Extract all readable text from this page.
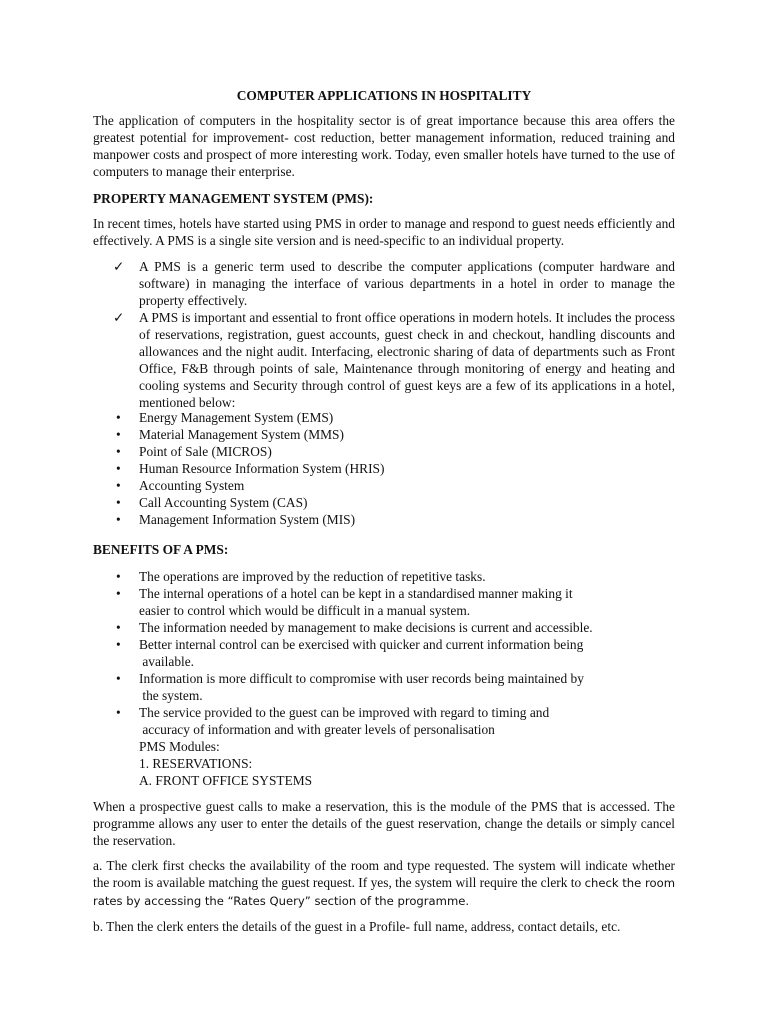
COMPUTER APPLICATIONS IN HOSPITALITY

The application of computers in the hospitality sector is of great importance because this area offers the greatest potential for improvement- cost reduction, better management information, reduced training and manpower costs and prospect of more interesting work. Today, even smaller hotels have turned to the use of computers to manage their enterprise.

PROPERTY MANAGEMENT SYSTEM (PMS):

In recent times, hotels have started using PMS in order to manage and respond to guest needs efficiently and effectively. A PMS is a single site version and is need-specific to an individual property.

✓ A PMS is a generic term used to describe the computer applications (computer hardware and software) in managing the interface of various departments in a hotel in order to manage the property effectively.
✓ A PMS is important and essential to front office operations in modern hotels. It includes the process of reservations, registration, guest accounts, guest check in and checkout, handling discounts and allowances and the night audit. Interfacing, electronic sharing of data of departments such as Front Office, F&B through points of sale, Maintenance through monitoring of energy and heating and cooling systems and Security through control of guest keys are a few of its applications in a hotel, mentioned below:
• Energy Management System (EMS)
• Material Management System (MMS)
• Point of Sale (MICROS)
• Human Resource Information System (HRIS)
• Accounting System
• Call Accounting System (CAS)
• Management Information System (MIS)

BENEFITS OF A PMS:

• The operations are improved by the reduction of repetitive tasks.
• The internal operations of a hotel can be kept in a standardised manner making it
easier to control which would be difficult in a manual system.
• The information needed by management to make decisions is current and accessible.
• Better internal control can be exercised with quicker and current information being
available.
• Information is more difficult to compromise with user records being maintained by
the system.
• The service provided to the guest can be improved with regard to timing and
accuracy of information and with greater levels of personalisation

PMS Modules:

1. RESERVATIONS:

A. FRONT OFFICE SYSTEMS

When a prospective guest calls to make a reservation, this is the module of the PMS that is accessed. The programme allows any user to enter the details of the guest reservation, change the details or simply cancel the reservation.

a. The clerk first checks the availability of the room and type requested. The system will indicate whether the room is available matching the guest request. If yes, the system will require the clerk to check the room rates by accessing the “Rates Query” section of the programme.

b. Then the clerk enters the details of the guest in a Profile- full name, address, contact details, etc.
